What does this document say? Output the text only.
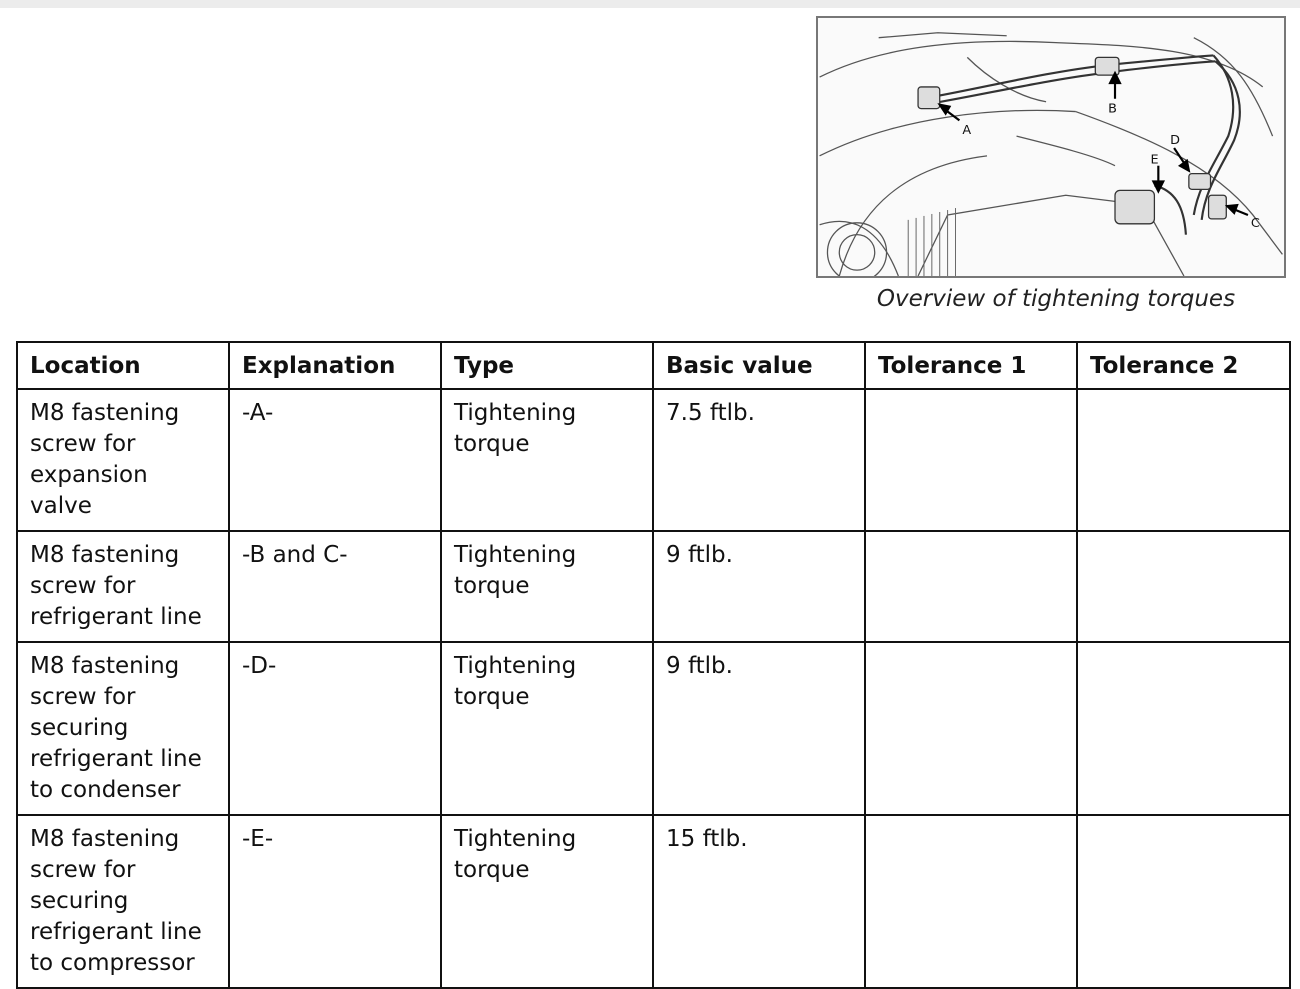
A
B
C
D
E
Overview of tightening torques
Location	Explanation	Type	Basic value	Tolerance 1	Tolerance 2
M8 fastening screw for expansion valve	-A-	Tightening torque	7.5 ftlb.		
M8 fastening screw for refrigerant line	-B and C-	Tightening torque	9 ftlb.		
M8 fastening screw for securing refrigerant line to condenser	-D-	Tightening torque	9 ftlb.		
M8 fastening screw for securing refrigerant line to compressor	-E-	Tightening torque	15 ftlb.		
